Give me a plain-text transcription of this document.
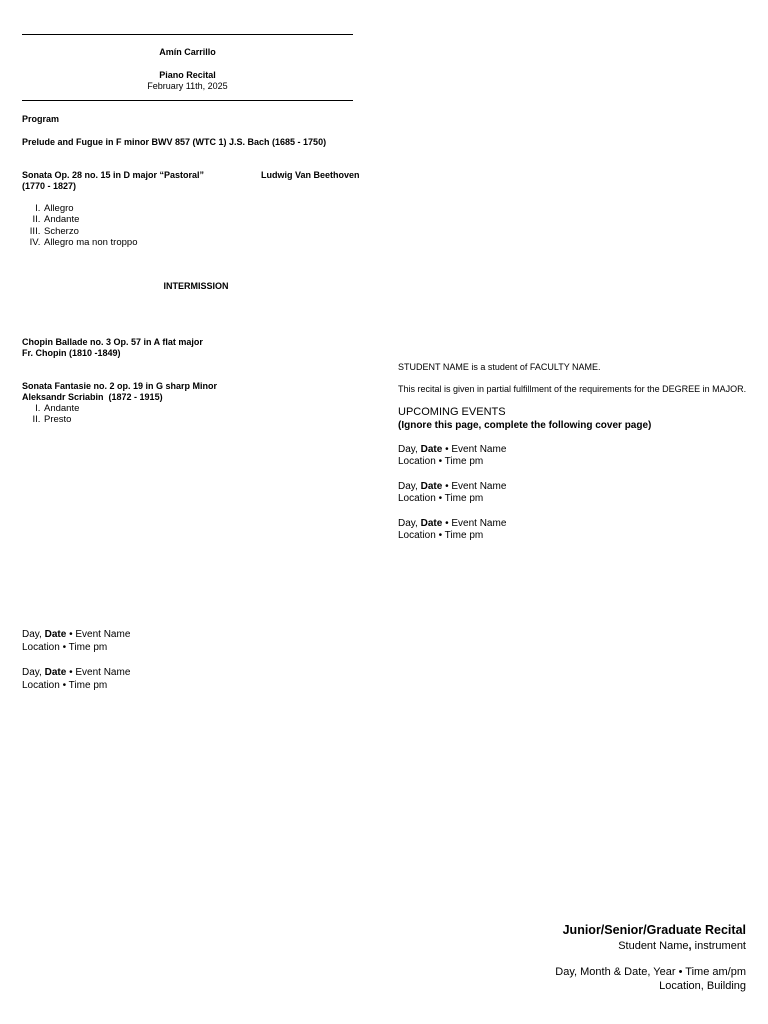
Amín Carrillo
Piano Recital
February 11th, 2025
Program
Prelude and Fugue in F minor BWV 857 (WTC 1) J.S. Bach (1685 - 1750)
Sonata Op. 28 no. 15 in D major “Pastoral”	Ludwig Van Beethoven
(1770 - 1827)
I. Allegro
II. Andante
III. Scherzo
IV. Allegro ma non troppo
INTERMISSION
Chopin Ballade no. 3 Op. 57 in A flat major
Fr. Chopin (1810 -1849)
Sonata Fantasie no. 2 op. 19 in G sharp Minor
Aleksandr Scriabin  (1872 - 1915)
I. Andante
II. Presto
Day, Date • Event Name
Location • Time pm
Day, Date • Event Name
Location • Time pm
STUDENT NAME is a student of FACULTY NAME.
This recital is given in partial fulfillment of the requirements for the DEGREE in MAJOR.
UPCOMING EVENTS
(Ignore this page, complete the following cover page)
Day, Date • Event Name
Location • Time pm
Day, Date • Event Name
Location • Time pm
Day, Date • Event Name
Location • Time pm
Junior/Senior/Graduate Recital
Student Name, instrument
Day, Month & Date, Year • Time am/pm
Location, Building
